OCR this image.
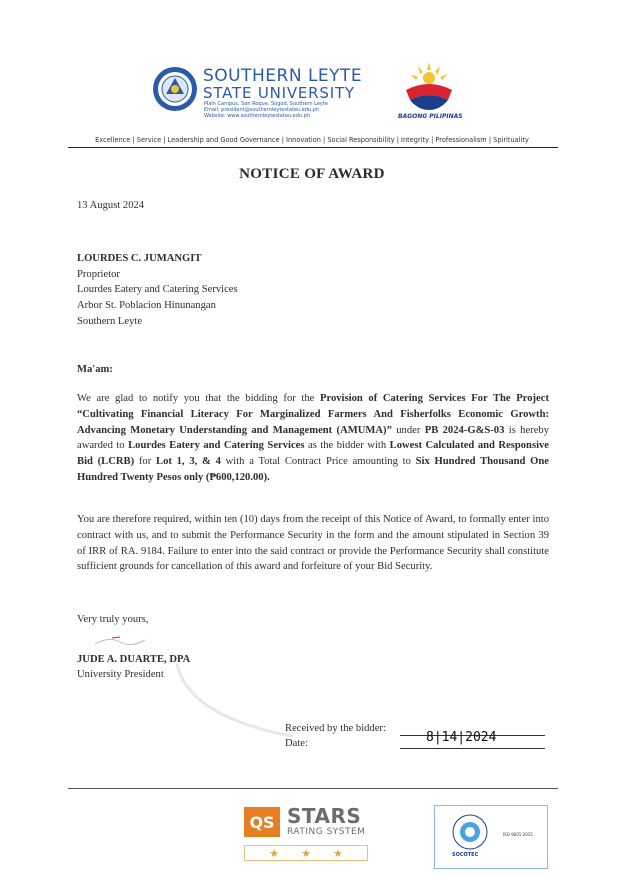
SOUTHERN LEYTE
STATE UNIVERSITY
Main Campus, San Roque, Sogod, Southern Leyte
Email: president@southernleytestateu.edu.ph
Website: www.southernleytestateu.edu.ph	BAGONG PILIPINAS
Excellence | Service | Leadership and Good Governance | Innovation | Social Responsibility | Integrity | Professionalism | Spirituality
NOTICE OF AWARD
13 August 2024
LOURDES C. JUMANGIT
Proprietor
Lourdes Eatery and Catering Services
Arbor St. Poblacion Hinunangan
Southern Leyte
Ma'am:
We are glad to notify you that the bidding for the Provision of Catering Services For The Project “Cultivating Financial Literacy For Marginalized Farmers And Fisherfolks Economic Growth: Advancing Monetary Understanding and Management (AMUMA)” under PB 2024-G&S-03 is hereby awarded to Lourdes Eatery and Catering Services as the bidder with Lowest Calculated and Responsive Bid (LCRB) for Lot 1, 3, & 4 with a Total Contract Price amounting to Six Hundred Thousand One Hundred Twenty Pesos only (₱600,120.00).
You are therefore required, within ten (10) days from the receipt of this Notice of Award, to formally enter into contract with us, and to submit the Performance Security in the form and the amount stipulated in Section 39 of IRR of RA. 9184. Failure to enter into the said contract or provide the Performance Security shall constitute sufficient grounds for cancellation of this award and forfeiture of your Bid Security.
Very truly yours,
JUDE A. DUARTE, DPA
University President
Received by the bidder:
Date:	8|14|2024
QS STARS
RATING SYSTEM
★ ★ ★	SOCOTEC
ISO 9001:2015
